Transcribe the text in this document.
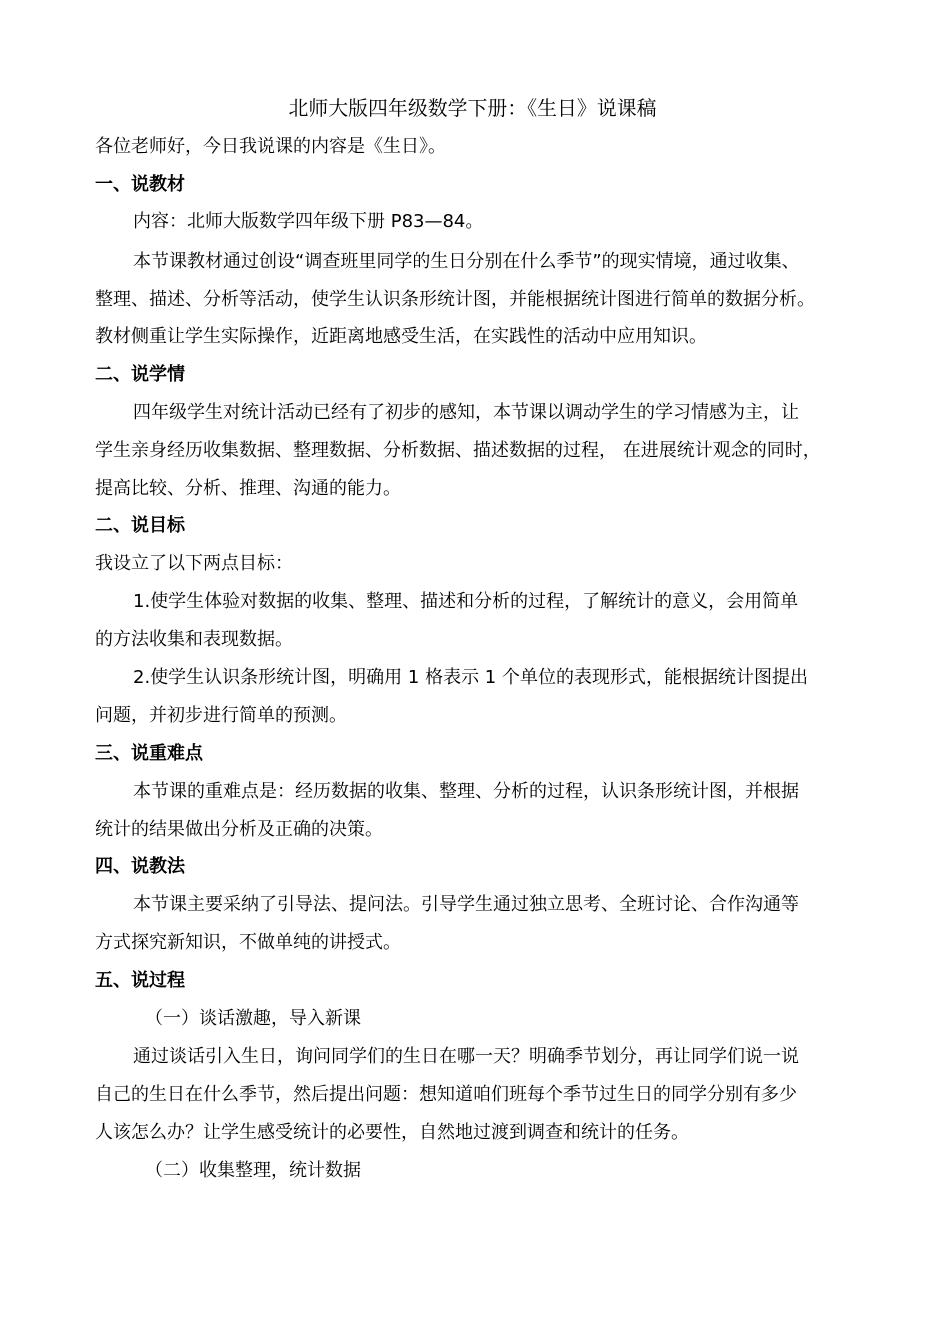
北师大版四年级数学下册：《生日》说课稿
各位老师好，今日我说课的内容是《生日》。
一、说教材
内容：北师大版数学四年级下册 P83—84。
本节课教材通过创设“调查班里同学的生日分别在什么季节”的现实情境，通过收集、
整理、描述、分析等活动，使学生认识条形统计图，并能根据统计图进行简单的数据分析。
教材侧重让学生实际操作，近距离地感受生活，在实践性的活动中应用知识。
二、说学情
四年级学生对统计活动已经有了初步的感知，本节课以调动学生的学习情感为主，让
学生亲身经历收集数据、整理数据、分析数据、描述数据的过程， 在进展统计观念的同时，
提高比较、分析、推理、沟通的能力。
二、说目标
我设立了以下两点目标：
1.使学生体验对数据的收集、整理、描述和分析的过程，了解统计的意义，会用简单
的方法收集和表现数据。
2.使学生认识条形统计图，明确用 1 格表示 1 个单位的表现形式，能根据统计图提出
问题，并初步进行简单的预测。
三、说重难点
本节课的重难点是：经历数据的收集、整理、分析的过程，认识条形统计图，并根据
统计的结果做出分析及正确的决策。
四、说教法
本节课主要采纳了引导法、提问法。引导学生通过独立思考、全班讨论、合作沟通等
方式探究新知识，不做单纯的讲授式。
五、说过程
（一）谈话激趣，导入新课
通过谈话引入生日，询问同学们的生日在哪一天？明确季节划分，再让同学们说一说
自己的生日在什么季节，然后提出问题：想知道咱们班每个季节过生日的同学分别有多少
人该怎么办？让学生感受统计的必要性，自然地过渡到调查和统计的任务。
（二）收集整理，统计数据
